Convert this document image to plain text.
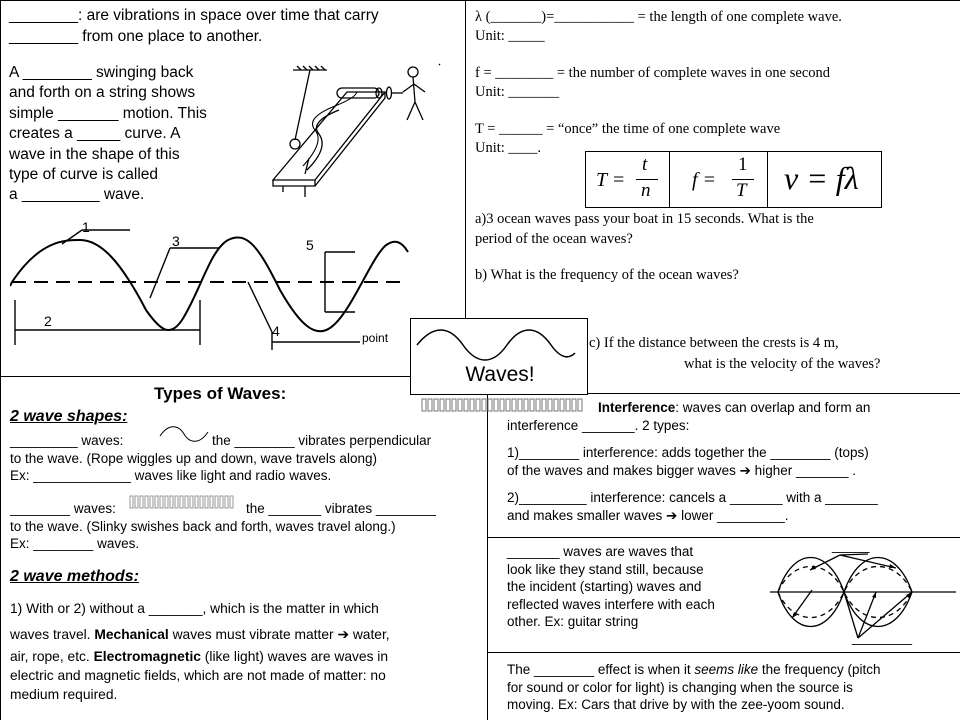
________: are vibrations in space over time that carry
________ from one place to another.
A ________ swinging back
and forth on a string shows
simple _______ motion. This
creates a _____ curve. A
wave in the shape of this
type of curve is called
a _________ wave.
1
2
3
4
5
point
λ (_______)=___________ = the length of one complete wave.
Unit: _____
f = ________ = the number of complete waves in one second
Unit: _______
T = ______ = “once” the time of one complete wave
Unit: ____.
T =
t
n f =
1
T v = fλ
a)3 ocean waves pass your boat in 15 seconds. What is the
period of the ocean waves?
b) What is the frequency of the ocean waves?
c) If the distance between the crests is 4 m,
what is the velocity of the waves?
Waves!
Types of Waves:
2 wave shapes:
_________ waves:	the ________ vibrates perpendicular
to the wave. (Rope wiggles up and down, wave travels along)
Ex: _____________ waves like light and radio waves.
________ waves:	the _______ vibrates ________
to the wave. (Slinky swishes back and forth, waves travel along.)
Ex: ________ waves.
2 wave methods:
1) With or 2) without a _______, which is the matter in which
waves travel. Mechanical waves must vibrate matter ➔ water,
air, rope, etc. Electromagnetic (like light) waves are waves in
electric and magnetic fields, which are not made of matter: no
medium required.
Interference: waves can overlap and form an
interference _______. 2 types:
1)________ interference: adds together the ________ (tops)
of the waves and makes bigger waves ➔ higher _______ .
2)_________ interference: cancels a _______ with a _______
and makes smaller waves ➔ lower _________.
_______ waves are waves that
look like they stand still, because
the incident (starting) waves and
reflected waves interfere with each
other. Ex: guitar string
_____
________
The ________ effect is when it seems like the frequency (pitch
for sound or color for light) is changing when the source is
moving. Ex: Cars that drive by with the zee-yoom sound.
